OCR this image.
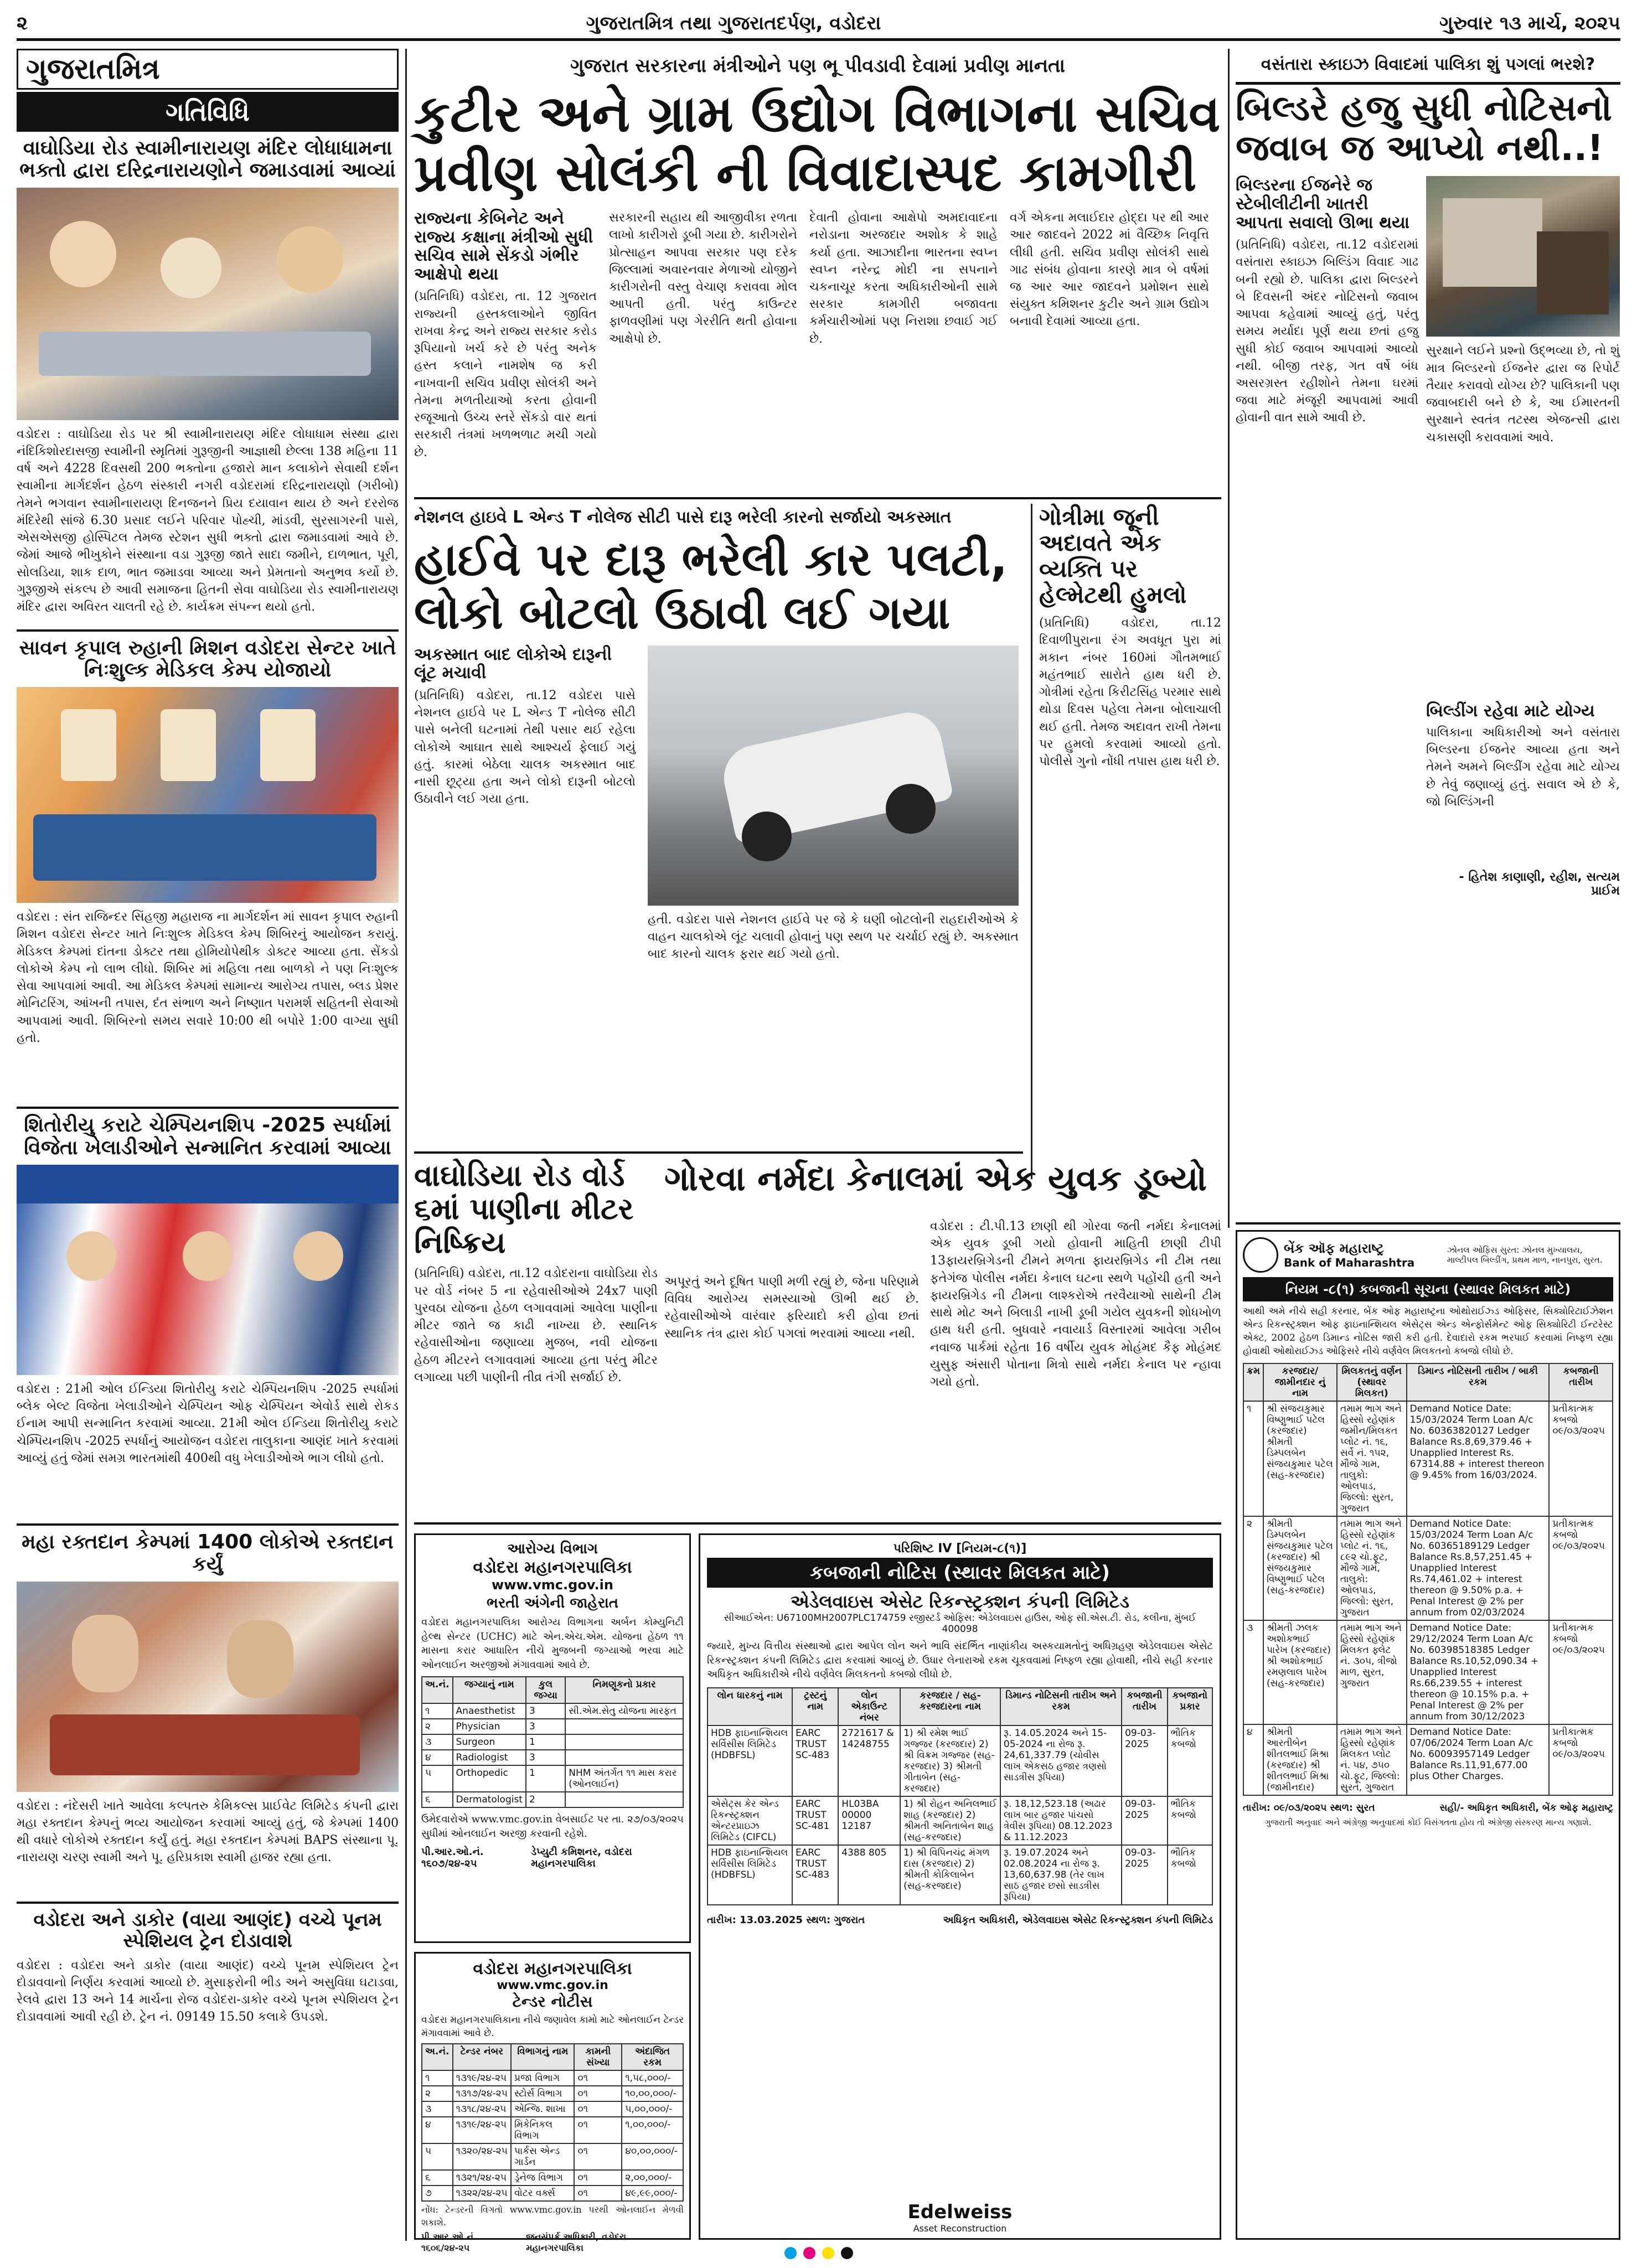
૨	ગુજરાતમિત્ર તથા ગુજરાતદર્પણ, વડોદરા	ગુરુવાર ૧૩ માર્ચ, ૨૦૨૫
ગુજરાતમિત્ર
ગતિવિધિ
વાઘોડિયા રોડ સ્વામીનારાયણ મંદિર લોધાધામના ભક્તો દ્વારા દરિદ્રનારાયણોને જમાડવામાં આવ્યાં
વડોદરા : વાઘોડિયા રોડ પર શ્રી સ્વામીનારાયણ મંદિર લોધાધામ સંસ્થા દ્વારા નંદિકિશોરદાસજી સ્વામીની સ્મૃતિમાં ગુરૂજીની આજ્ઞાથી છેલ્લા 138 મહિના 11 વર્ષ અને 4228 દિવસથી 200 ભક્તોના હજારો માન કલાકોને સેવાથી દર્શન સ્વામીના માર્ગદર્શન હેઠળ સંસ્કારી નગરી વડોદરામાં દરિદ્રનારાયણો (ગરીબો) તેમને ભગવાન સ્વામીનારાયણ દિનજનને પ્રિય દયાવાન થાય છે અને દરરોજ મંદિરેથી સાંજે 6.30 પ્રસાદ લઈને પરિવાર પોહ્ચી, માંડવી, સુરસાગરની પાસે, એસએસજી હોસ્પિટલ તેમજ સ્ટેશન સુધી ભક્તો દ્વારા જમાડવામાં આવે છે. જેમાં આજે ભીખુકોને સંસ્થાના વડા ગુરૂજી જાતે સાદા જમીને, દાળભાત, પૂરી, સોલડિયા, શાક દાળ, ભાત જમાડવા આવ્યા અને પ્રેમતાનો અનુભવ કર્યો છે. ગુરૂજીએ સંકલ્પ છે આવી સમાજના હિતની સેવા વાઘોડિયા રોડ સ્વામીનારાયણ મંદિર દ્વારા અવિરત ચાલતી રહે છે. કાર્યક્રમ સંપન્ન થયો હતો.
સાવન કૃપાલ રુહાની મિશન વડોદરા સેન્ટર ખાતે નિઃશુલ્ક મેડિકલ કેમ્પ યોજાયો
વડોદરા : સંત રાજિન્દર સિંહજી મહારાજ ના માર્ગદર્શન માં સાવન કૃપાલ રુહાની મિશન વડોદરા સેન્ટર ખાતે નિઃશુલ્ક મેડિકલ કેમ્પ શિબિરનું આયોજન કરાયું. મેડિકલ કેમ્પમાં દાંતના ડોક્ટર તથા હોમિયોપેથીક ડોક્ટર આવ્યા હતા. સેંકડો લોકોએ કેમ્પ નો લાભ લીધો. શિબિર માં મહિલા તથા બાળકો ને પણ નિઃશુલ્ક સેવા આપવામાં આવી. આ મેડિકલ કેમ્પમાં સામાન્ય આરોગ્ય તપાસ, બ્લડ પ્રેશર મોનિટરિંગ, આંખની તપાસ, દંત સંભાળ અને નિષ્ણાત પરામર્શ સહિતની સેવાઓ આપવામાં આવી. શિબિરનો સમય સવારે 10:00 થી બપોરે 1:00 વાગ્યા સુધી હતો.
શિતોરીયુ કરાટે ચેમ્પિયનશિપ -2025 સ્પર્ધામાં વિજેતા ખેલાડીઓને સન્માનિત કરવામાં આવ્યા
વડોદરા : 21મી ઓલ ઈન્ડિયા શિતોરીયુ કરાટે ચેમ્પિયનશિપ -2025 સ્પર્ધામાં બ્લેક બેલ્ટ વિજેતા ખેલાડીઓને ચેમ્પિયન ઓફ ચેમ્પિયન એવોર્ડ સાથે રોકડ ઈનામ આપી સન્માનિત કરવામાં આવ્યા. 21મી ઓલ ઈન્ડિયા શિતોરીયુ કરાટે ચેમ્પિયનશિપ -2025 સ્પર્ધાનું આયોજન વડોદરા તાલુકાના આણંદ ખાતે કરવામાં આવ્યું હતું જેમાં સમગ્ર ભારતમાંથી 400થી વધુ ખેલાડીઓએ ભાગ લીધો હતો.
મહા રક્તદાન કેમ્પમાં 1400 લોકોએ રક્તદાન કર્યું
વડોદરા : નંદેસરી ખાતે આવેલા કલ્પતરુ કેમિકલ્સ પ્રાઈવેટ લિમિટેડ કંપની દ્વારા મહા રક્તદાન કેમ્પનું ભવ્ય આયોજન કરવામાં આવ્યું હતું, જે કેમ્પમાં 1400 થી વધારે લોકોએ રક્તદાન કર્યું હતું. મહા રક્તદાન કેમ્પમાં BAPS સંસ્થાના પૂ. નારાયણ ચરણ સ્વામી અને પૂ. હરિપ્રકાશ સ્વામી હાજર રહ્યા હતા.
વડોદરા અને ડાકોર (વાયા આણંદ) વચ્ચે પૂનમ સ્પેશિયલ ટ્રેન દોડાવાશે
વડોદરા : વડોદરા અને ડાકોર (વાયા આણંદ) વચ્ચે પૂનમ સ્પેશિયલ ટ્રેન દોડાવવાનો નિર્ણય કરવામાં આવ્યો છે. મુસાફરોની ભીડ અને અસુવિધા ઘટાડવા, રેલવે દ્વારા 13 અને 14 માર્ચના રોજ વડોદરા-ડાકોર વચ્ચે પૂનમ સ્પેશિયલ ટ્રેન દોડાવવામાં આવી રહી છે. ટ્રેન નં. 09149 15.50 કલાકે ઉપડશે.
ગુજરાત સરકારના મંત્રીઓને પણ ભૂ પીવડાવી દેવામાં પ્રવીણ માનતા
કુટીર અને ગ્રામ ઉદ્યોગ વિભાગના સચિવ
પ્રવીણ સોલંકી ની વિવાદાસ્પદ કામગીરી
રાજ્યના કેબિનેટ અને રાજ્ય કક્ષાના મંત્રીઓ સુધી સચિવ સામે સેંકડો ગંભીર આક્ષેપો થયા
(પ્રતિનિધિ) વડોદરા, તા. 12 ગુજરાત રાજ્યની હસ્તકલાઓને જીવિત રાખવા કેન્દ્ર અને રાજ્ય સરકાર કરોડ રૂપિયાનો ખર્ચ કરે છે પરંતુ અનેક હસ્ત કલાને નામશેષ જ કરી નાખવાની સચિવ પ્રવીણ સોલંકી અને તેમના મળતીયાઓ કરતા હોવાની રજૂઆતો ઉચ્ચ સ્તરે સેંકડો વાર થતાં સરકારી તંત્રમાં ખળભળાટ મચી ગયો છે.
સરકારની સહાય થી આજીવીકા રળતા લાખો કારીગરો ડૂબી ગયા છે. કારીગરોને પ્રોત્સાહન આપવા સરકાર પણ દરેક જિલ્લામાં અવારનવાર મેળાઓ યોજીને કારીગરોની વસ્તુ વેચાણ કરાવવા મોલ આપતી હતી. પરંતુ કાઉન્ટર ફાળવણીમાં પણ ગેરરીતિ થતી હોવાના આક્ષેપો છે.
દેવાતી હોવાના આક્ષેપો અમદાવાદના નરોડાના અરજદાર અશોક કે શાહે કર્યા હતા. આઝાદીના ભારતના સ્વપ્ન સ્વપ્ન નરેન્દ્ર મોદી ના સપનાને ચકનાચૂર કરતા અધિકારીઓની સામે સરકાર કામગીરી બજાવતા કર્મચારીઓમાં પણ નિરાશા છવાઈ ગઈ છે.
વર્ગ એકના મલાઈદાર હોદ્દા પર થી આર આર જાદવને 2022 માં વૈચ્છિક નિવૃત્તિ લીધી હતી. સચિવ પ્રવીણ સોલંકી સાથે ગાઢ સંબંધ હોવાના કારણે માત્ર બે વર્ષમાં જ આર આર જાદવને પ્રમોશન સાથે સંયુક્ત કમિશનર કુટીર અને ગ્રામ ઉદ્યોગ બનાવી દેવામાં આવ્યા હતા.
નેશનલ હાઇવે L એન્ડ T નોલેજ સીટી પાસે દારૂ ભરેલી કારનો સર્જાયો અકસ્માત
હાઈવે પર દારૂ ભરેલી કાર પલટી,
લોકો બોટલો ઉઠાવી લઈ ગયા
અકસ્માત બાદ લોકોએ દારૂની લૂંટ મચાવી
(પ્રતિનિધિ) વડોદરા, તા.12 વડોદરા પાસે નેશનલ હાઈવે પર L એન્ડ T નોલેજ સીટી પાસે બનેલી ઘટનામાં તેથી પસાર થઈ રહેલા લોકોએ આઘાત સાથે આશ્ચર્ય ફેલાઈ ગયું હતું. કારમાં બેઠેલા ચાલક અકસ્માત બાદ નાસી છૂટ્યા હતા અને લોકો દારૂની બોટલો ઉઠાવીને લઈ ગયા હતા.
હતી. વડોદરા પાસે નેશનલ હાઈવે પર જે કે ઘણી બોટલોની રાહદારીઓએ કે વાહન ચાલકોએ લૂંટ ચલાવી હોવાનું પણ સ્થળ પર ચર્ચાઈ રહ્યું છે. અકસ્માત બાદ કારનો ચાલક ફરાર થઈ ગયો હતો.
ગોત્રીમા જૂની અદાવતે એક વ્યક્તિ પર હેલ્મેટથી હુમલો
(પ્રતિનિધિ) વડોદરા, તા.12 દિવાળીપુરાના રંગ અવધૂત પુરા માં મકાન નંબર 160માં ગૌતમભાઈ મહંતભાઈ સારોતે હાથ ધરી છે. ગોત્રીમાં રહેતા કિરીટસિંહ પરમાર સાથે થોડા દિવસ પહેલા તેમના બોલાચાલી થઈ હતી. તેમજ અદાવત રાખી તેમના પર હુમલો કરવામાં આવ્યો હતો. પોલીસે ગુનો નોંધી તપાસ હાથ ધરી છે.
વાઘોડિયા રોડ વોર્ડ ૬માં પાણીના મીટર નિષ્ક્રિય
(પ્રતિનિધિ) વડોદરા, તા.12 વડોદરાના વાઘોડિયા રોડ પર વોર્ડ નંબર 5 ના રહેવાસીઓએ 24x7 પાણી પુરવઠા યોજના હેઠળ લગાવવામાં આવેલા પાણીના મીટર જાતે જ કાઢી નાખ્યા છે. સ્થાનિક રહેવાસીઓના જણાવ્યા મુજબ, નવી યોજના હેઠળ મીટરને લગાવવામાં આવ્યા હતા પરંતુ મીટર લગાવ્યા પછી પાણીની તીવ્ર તંગી સર્જાઈ છે.
અપૂરતું અને દૂષિત પાણી મળી રહ્યું છે, જેના પરિણામે વિવિધ આરોગ્ય સમસ્યાઓ ઊભી થઈ છે. રહેવાસીઓએ વારંવાર ફરિયાદો કરી હોવા છતાં સ્થાનિક તંત્ર દ્વારા કોઈ પગલાં ભરવામાં આવ્યા નથી.
ગોરવા નર્મદા કેનાલમાં એક યુવક ડૂબ્યો
વડોદરા : ટી.પી.13 છાણી થી ગોરવા જતી નર્મદા કેનાલમાં એક યુવક ડૂબી ગયો હોવાની માહિતી છાણી ટીપી 13ફાયરબ્રિગેડની ટીમને મળતા ફાયરબ્રિગેડ ની ટીમ તથા ફતેગંજ પોલીસ નર્મદા કેનાલ ઘટના સ્થળે પહોંચી હતી અને ફાયરબ્રિગેડ ની ટીમના લાશ્કરોએ તરવૈયાઓ સાથેની ટીમ સાથે મોટ અને બિલાડી નાખી ડૂબી ગયેલ યુવકની શોધખોળ હાથ ધરી હતી. બુધવારે નવાયાર્ડ વિસ્તારમાં આવેલા ગરીબ નવાજ પાર્કમાં રહેતા 16 વર્ષીય યુવક મોહંમદ કૈફ મોહંમદ યુસુફ અંસારી પોતાના મિત્રો સાથે નર્મદા કેનાલ પર ન્હાવા ગયો હતો.
આરોગ્ય વિભાગ
વડોદરા મહાનગરપાલિકા
www.vmc.gov.in
ભરતી અંગેની જાહેરાત
વડોદરા મહાનગરપાલિકા આરોગ્ય વિભાગના અર્બન કોમ્યુનિટી હેલ્થ સેન્ટર (UCHC) માટે એન.એચ.એમ. યોજના હેઠળ ૧૧ માસના કરાર આધારિત નીચે મુજબની જગ્યાઓ ભરવા માટે ઓનલાઈન અરજીઓ મંગાવવામાં આવે છે.
અ.નં.	જગ્યાનું નામ	કુલ જગ્યા	નિમણૂકનો પ્રકાર
૧	Anaesthetist	3	સી.એમ.સેતુ યોજના મારફત
૨	Physician	3	
૩	Surgeon	1	
૪	Radiologist	3	
૫	Orthopedic	1	NHM અંતર્ગત ૧૧ માસ કરાર (ઓનલાઈન)
૬	Dermatologist	2	
ઉમેદવારોએ www.vmc.gov.in વેબસાઈટ પર તા. ૨૭/૦૩/૨૦૨૫ સુધીમાં ઓનલાઈન અરજી કરવાની રહેશે.
પી.આર.ઓ.નં. ૧૬૦૭/૨૪-૨૫
ડેપ્યુટી કમિશનર, વડોદરા મહાનગરપાલિકા
વડોદરા મહાનગરપાલિકા
www.vmc.gov.in
ટેન્ડર નોટીસ
વડોદરા મહાનગરપાલિકાના નીચે જણાવેલ કામો માટે ઓનલાઈન ટેન્ડર મંગાવવામાં આવે છે.
અ.નં.	ટેન્ડર નંબર	વિભાગનું નામ	કામની સંખ્યા	અંદાજિત રકમ
૧	૧૩૧૯/૨૪-૨૫	પ્રજા વિભાગ	૦૧	૧,૫૮,૦૦૦/-
૨	૧૩૧૭/૨૪-૨૫	સ્ટોર્સ વિભાગ	૦૧	૧૦,૦૦,૦૦૦/-
૩	૧૩૧૮/૨૪-૨૫	એન્જિ. શાખા	૦૧	૫,૦૦,૦૦૦/-
૪	૧૩૧૯/૨૪-૨૫	મિકેનિકલ વિભાગ	૦૧	૧,૦૦,૦૦૦/-
૫	૧૩૨૦/૨૪-૨૫	પાર્કસ એન્ડ ગાર્ડન	૦૧	૪૦,૦૦,૦૦૦/-
૬	૧૩૨૧/૨૪-૨૫	ડ્રેનેજ વિભાગ	૦૧	૨,૦૦,૦૦૦/-
૭	૧૩૨૨/૨૪-૨૫	વોટર વર્ક્સ	૦૧	૪૯,૯૯,૦૦૦/-
નોંધ: ટેન્ડરની વિગતો www.vmc.gov.in પરથી ઓનલાઈન મેળવી શકાશે.
પી.આર.ઓ.નં. ૧૬૦૬/૨૪-૨૫
જનસંપર્ક અધિકારી, વડોદરા મહાનગરપાલિકા
પરિશિષ્ટ IV [નિયમ-૮(૧)]
કબજાની નોટિસ (સ્થાવર મિલકત માટે)
એડેલવાઇસ એસેટ રિકન્સ્ટ્રક્શન કંપની લિમિટેડ
સીઆઈએન: U67100MH2007PLC174759 રજીસ્ટર્ડ ઓફિસ: એડેલવાઇસ હાઉસ, ઓફ સી.એસ.ટી. રોડ, કલીના, મુંબઈ 400098
જ્યારે, મુખ્ય વિત્તીય સંસ્થાઓ દ્વારા આપેલ લોન અને ભાવિ સંદર્ભિત નાણાંકીય અસ્કયામતોનું અધિગ્રહણ એડેલવાઇસ એસેટ રિકન્સ્ટ્રક્શન કંપની લિમિટેડ દ્વારા કરવામાં આવ્યું છે. ઉધાર લેનારાઓ રકમ ચૂકવવામાં નિષ્ફળ રહ્યા હોવાથી, નીચે સહી કરનાર અધિકૃત અધિકારીએ નીચે વર્ણવેલ મિલકતનો કબજો લીધો છે.
લોન ધારકનું નામ	ટ્રસ્ટનું નામ	લોન એકાઉન્ટ નંબર	કરજદાર / સહ-કરજદારના નામ	ડિમાન્ડ નોટિસની તારીખ અને રકમ	કબજાની તારીખ	કબજાનો પ્રકાર
HDB ફાઇનાન્શિયલ સર્વિસીસ લિમિટેડ (HDBFSL)	EARC TRUST SC-483	2721617 & 14248755	1) શ્રી રમેશ ભાઈ ગજ્જર (કરજદાર) 2) શ્રી વિક્રમ ગજ્જર (સહ-કરજદાર) 3) શ્રીમતી ગીતાબેન (સહ-કરજદાર)	રૂ. 14.05.2024 અને 15-05-2024 ના રોજ રૂ. 24,61,337.79 (ચોવીસ લાખ એકસઠ હજાર ત્રણસો સાડત્રીસ રૂપિયા)	09-03-2025	ભૌતિક કબજો
એસેટ્સ કેર એન્ડ રિકન્સ્ટ્રક્શન એન્ટરપ્રાઇઝ લિમિટેડ (CIFCL)	EARC TRUST SC-481	HL03BA 00000 12187	1) શ્રી રોહન અનિલભાઈ શાહ (કરજદાર) 2) શ્રીમતી અનિતાબેન શાહ (સહ-કરજદાર)	રૂ. 18,12,523.18 (અઢાર લાખ બાર હજાર પાંચસો ત્રેવીસ રૂપિયા) 08.12.2023 & 11.12.2023	09-03-2025	ભૌતિક કબજો
HDB ફાઇનાન્શિયલ સર્વિસીસ લિમિટેડ (HDBFSL)	EARC TRUST SC-483	4388 805	1) શ્રી વિપિનચંદ્ર મંગળ દાસ (કરજદાર) 2) શ્રીમતી કોકિલાબેન (સહ-કરજદાર)	રૂ. 19.07.2024 અને 02.08.2024 ના રોજ રૂ. 13,60,637.98 (તેર લાખ સાઠ હજાર છસો સાડત્રીસ રૂપિયા)	09-03-2025	ભૌતિક કબજો
તારીખ: 13.03.2025 સ્થળ: ગુજરાત	અધિકૃત અધિકારી, એડેલવાઇસ એસેટ રિકન્સ્ટ્રક્શન કંપની લિમિટેડ
Edelweiss
Asset Reconstruction
વસંતારા સ્કાઇઝ વિવાદમાં પાલિકા શું પગલાં ભરશે?
બિલ્ડરે હજુ સુધી નોટિસનો
જવાબ જ આપ્યો નથી..!
બિલ્ડરના ઈજનેરે જ સ્ટેબીલીટીની ખાતરી આપતા સવાલો ઊભા થયા
(પ્રતિનિધિ) વડોદરા, તા.12 વડોદરામાં વસંતારા સ્કાઇઝ બિલ્ડિંગ વિવાદ ગાઢ બની રહ્યો છે. પાલિકા દ્વારા બિલ્ડરને બે દિવસની અંદર નોટિસનો જવાબ આપવા કહેવામાં આવ્યું હતું, પરંતુ સમય મર્યાદા પૂર્ણ થયા છતાં હજુ સુધી કોઈ જવાબ આપવામાં આવ્યો નથી. બીજી તરફ, ગત વર્ષે બંધ અસરગ્રસ્ત રહીશોને તેમના ઘરમાં જવા માટે મંજૂરી આપવામાં આવી હોવાની વાત સામે આવી છે.
સુરક્ષાને લઈને પ્રશ્નો ઉદ્ભવ્યા છે, તો શું માત્ર બિલ્ડરનો ઈજનેર દ્વારા જ રિપોર્ટ તૈયાર કરાવવો યોગ્ય છે? પાલિકાની પણ જવાબદારી બને છે કે, આ ઈમારતની સુરક્ષાને સ્વતંત્ર તટસ્થ એજન્સી દ્વારા ચકાસણી કરાવવામાં આવે.
બિલ્ડીંગ રહેવા માટે યોગ્ય
પાલિકાના અધિકારીઓ અને વસંતારા બિલ્ડરના ઈજનેર આવ્યા હતા અને તેમને અમને બિલ્ડીંગ રહેવા માટે યોગ્ય છે તેવું જણાવ્યું હતું. સવાલ એ છે કે, જો બિલ્ડિંગની
- હિતેશ કાણાણી, રહીશ, સત્યમ પ્રાઈમ
બેંક ઑફ મહારાષ્ટ્ર
Bank of Maharashtra
ઝોનલ ઓફિસ સુરત: ઝોનલ મુખ્યાલય, માલ્ટીપલ બિલ્ડીંગ, પ્રથમ માળ, નાનપુરા, સુરત.
નિયમ -૮(૧) કબજાની સૂચના (સ્થાવર મિલકત માટે)
આથી અમે નીચે સહી કરનાર, બેંક ઓફ મહારાષ્ટ્રના ઓથોરાઈઝ્ડ ઓફિસર, સિક્યોરિટાઈઝેશન એન્ડ રિકન્સ્ટ્રક્શન ઓફ ફાઇનાન્શિયલ એસેટ્સ એન્ડ એન્ફોર્સમેન્ટ ઓફ સિક્યોરિટી ઈન્ટરેસ્ટ એક્ટ, 2002 હેઠળ ડિમાન્ડ નોટિસ જારી કરી હતી. દેવાદારો રકમ ભરપાઈ કરવામાં નિષ્ફળ રહ્યા હોવાથી ઓથોરાઈઝ્ડ ઓફિસરે નીચે વર્ણવેલ મિલકતનો કબજો લીધો છે.
ક્રમ	કરજદાર/જામીનદાર નું નામ	મિલકતનું વર્ણન (સ્થાવર મિલકત)	ડિમાન્ડ નોટિસની તારીખ / બાકી રકમ	કબજાની તારીખ
૧	શ્રી સંજયકુમાર વિષ્ણુભાઈ પટેલ (કરજદાર) શ્રીમતી ડિમ્પલબેન સંજયકુમાર પટેલ (સહ-કરજદાર)	તમામ ભાગ અને હિસ્સો રહેણાંક જમીન/મિલકત પ્લોટ નં. ૧૬, સર્વે નં. ૧૫૨, મૌજે ગામ, તાલુકો: ઓલપાડ, જિલ્લો: સુરત, ગુજરાત	Demand Notice Date: 15/03/2024 Term Loan A/c No. 60363820127 Ledger Balance Rs.8,69,379.46 + Unapplied Interest Rs. 67314.88 + interest thereon @ 9.45% from 16/03/2024.	પ્રતીકાત્મક કબજો ૦૯/૦૩/૨૦૨૫
૨	શ્રીમતી ડિમ્પલબેન સંજયકુમાર પટેલ (કરજદાર) શ્રી સંજયકુમાર વિષ્ણુભાઈ પટેલ (સહ-કરજદાર)	તમામ ભાગ અને હિસ્સો રહેણાંક પ્લોટ નં. ૧૬, ૮૯૨ ચો.ફૂટ, મૌજે ગામ, તાલુકો: ઓલપાડ, જિલ્લો: સુરત, ગુજરાત	Demand Notice Date: 15/03/2024 Term Loan A/c No. 60365189129 Ledger Balance Rs.8,57,251.45 + Unapplied Interest Rs.74,461.02 + interest thereon @ 9.50% p.a. + Penal Interest @ 2% per annum from 02/03/2024	પ્રતીકાત્મક કબજો ૦૯/૦૩/૨૦૨૫
૩	શ્રીમતી ઝલક અશોકભાઈ પારેખ (કરજદાર) શ્રી અશોકભાઈ રમણલાલ પારેખ (સહ-કરજદાર)	તમામ ભાગ અને હિસ્સો રહેણાંક મિલકત ફ્લેટ નં. ૩૦૫, ત્રીજો માળ, સુરત, ગુજરાત	Demand Notice Date: 29/12/2024 Term Loan A/c No. 60398518385 Ledger Balance Rs.10,52,090.34 + Unapplied Interest Rs.66,239.55 + interest thereon @ 10.15% p.a. + Penal Interest @ 2% per annum from 30/12/2023	પ્રતીકાત્મક કબજો ૦૯/૦૩/૨૦૨૫
૪	શ્રીમતી આરતીબેન શીતલભાઈ મિશ્રા (કરજદાર) શ્રી શીતલભાઈ મિશ્રા (જામીનદાર)	તમામ ભાગ અને હિસ્સો રહેણાંક મિલકત પ્લોટ નં. ૫૪, ૭૫૦ ચો.ફૂટ, જિલ્લો: સુરત, ગુજરાત	Demand Notice Date: 07/06/2024 Term Loan A/c No. 60093957149 Ledger Balance Rs.11,91,677.00 plus Other Charges.	પ્રતીકાત્મક કબજો ૦૯/૦૩/૨૦૨૫
તારીખ: ૦૯/૦૩/૨૦૨૫ સ્થળ: સુરત	સહી/- અધિકૃત અધિકારી, બેંક ઓફ મહારાષ્ટ્ર
ગુજરાતી અનુવાદ અને અંગ્રેજી અનુવાદમાં કોઈ વિસંગતતા હોય તો અંગ્રેજી સંસ્કરણ માન્ય ગણાશે.
